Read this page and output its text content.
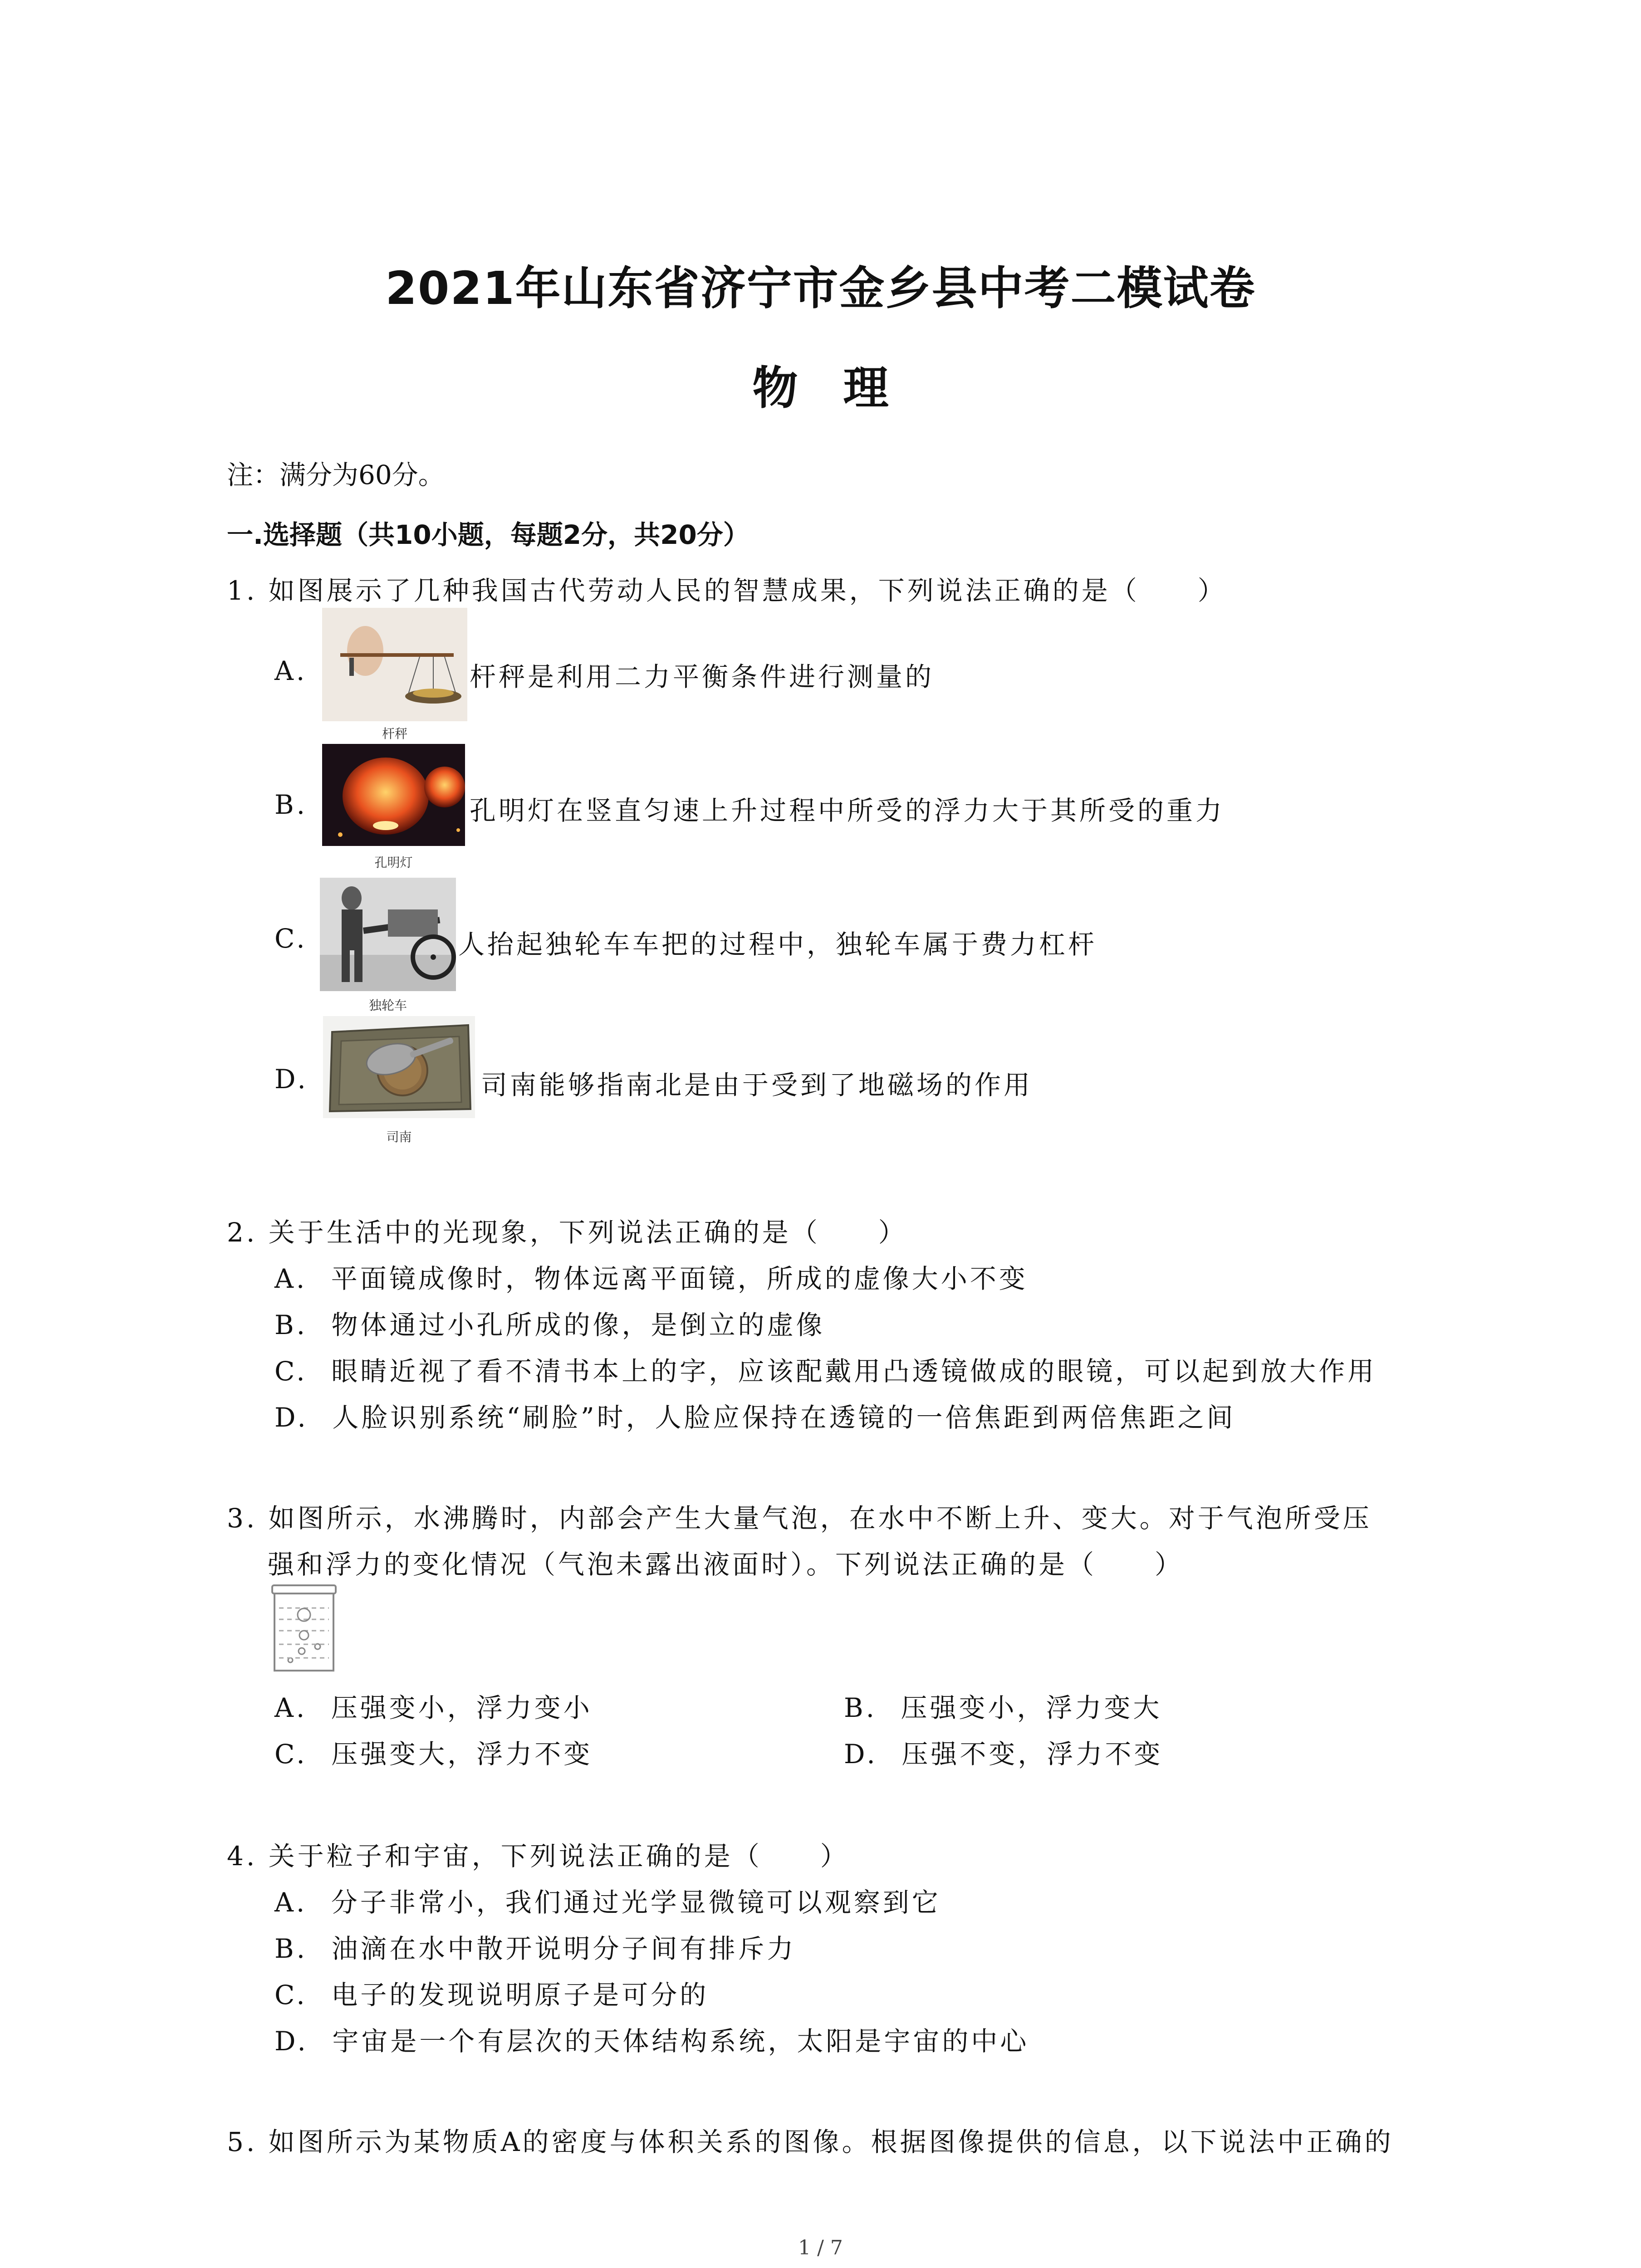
2021年山东省济宁市金乡县中考二模试卷
物　理
注：满分为60分。
一.选择题（共10小题，每题2分，共20分）
1. 如图展示了几种我国古代劳动人民的智慧成果，下列说法正确的是（　　）
A.
杆秤
杆秤是利用二力平衡条件进行测量的
B.
孔明灯
孔明灯在竖直匀速上升过程中所受的浮力大于其所受的重力
C.
独轮车
人抬起独轮车车把的过程中，独轮车属于费力杠杆
D.
司南
司南能够指南北是由于受到了地磁场的作用
2. 关于生活中的光现象，下列说法正确的是（　　）
A. 平面镜成像时，物体远离平面镜，所成的虚像大小不变
B. 物体通过小孔所成的像，是倒立的虚像
C. 眼睛近视了看不清书本上的字，应该配戴用凸透镜做成的眼镜，可以起到放大作用
D. 人脸识别系统“刷脸”时，人脸应保持在透镜的一倍焦距到两倍焦距之间
3. 如图所示，水沸腾时，内部会产生大量气泡，在水中不断上升、变大。对于气泡所受压
强和浮力的变化情况（气泡未露出液面时）。下列说法正确的是（　　）
A. 压强变小，浮力变小	B. 压强变小，浮力变大
C. 压强变大，浮力不变	D. 压强不变，浮力不变
4. 关于粒子和宇宙，下列说法正确的是（　　）
A. 分子非常小，我们通过光学显微镜可以观察到它
B. 油滴在水中散开说明分子间有排斥力
C. 电子的发现说明原子是可分的
D. 宇宙是一个有层次的天体结构系统，太阳是宇宙的中心
5. 如图所示为某物质A的密度与体积关系的图像。根据图像提供的信息，以下说法中正确的
1 / 7
